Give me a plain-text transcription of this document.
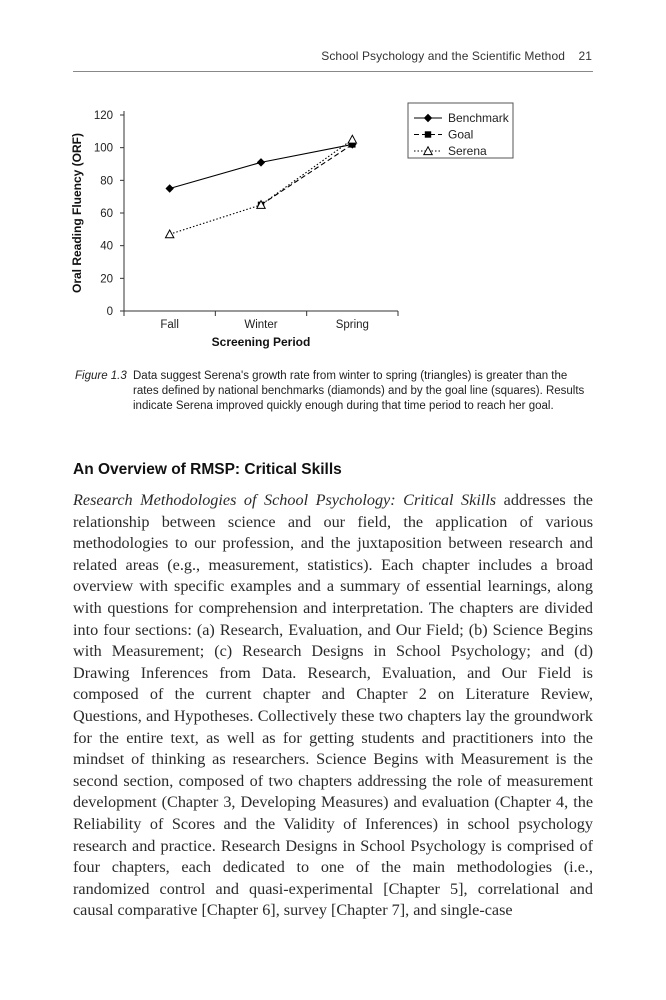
School Psychology and the Scientific Method 21
0
20
40
60
80
100
120
Fall	Winter	Spring
Benchmark
Goal
Serena
Screening Period
Oral Reading Fluency (ORF)
Figure 1.3 Data suggest Serena's growth rate from winter to spring (triangles) is greater than the rates defined by national benchmarks (diamonds) and by the goal line (squares). Results indicate Serena improved quickly enough during that time period to reach her goal.
An Overview of RMSP: Critical Skills

Research Methodologies of School Psychology: Critical Skills addresses the relationship between science and our field, the application of various methodologies to our profession, and the juxtaposition between research and related areas (e.g., measurement, statistics). Each chapter includes a broad overview with specific examples and a summary of essential learnings, along with questions for comprehension and interpretation. The chapters are divided into four sections: (a) Research, Evaluation, and Our Field; (b) Science Begins with Measurement; (c) Research Designs in School Psychology; and (d) Drawing Inferences from Data. Research, Evaluation, and Our Field is composed of the current chapter and Chapter 2 on Literature Review, Questions, and Hypotheses. Collectively these two chapters lay the groundwork for the entire text, as well as for getting students and practitioners into the mindset of thinking as researchers. Science Begins with Measurement is the second section, composed of two chapters addressing the role of measurement development (Chapter 3, Developing Measures) and evaluation (Chapter 4, the Reliability of Scores and the Validity of Inferences) in school psychology research and practice. Research Designs in School Psychology is comprised of four chapters, each dedicated to one of the main methodologies (i.e., randomized control and quasi-experimental [Chapter 5], correlational and causal comparative [Chapter 6], survey [Chapter 7], and single-case
